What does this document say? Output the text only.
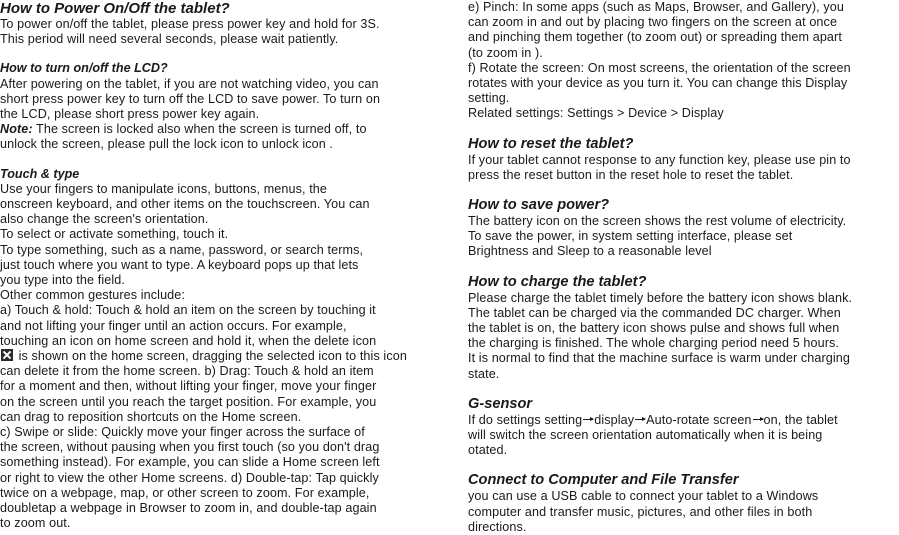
How to Power On/Off the tablet?
To power on/off the tablet, please press power key and hold for 3S.
This period will need several seconds, please wait patiently.
How to turn on/off the LCD?
After powering on the tablet, if you are not watching video, you can
short press power key to turn off the LCD to save power. To turn on
the LCD, please short press power key again.
Note: The screen is locked also when the screen is turned off, to
unlock the screen, please pull the lock icon to unlock icon .
Touch & type
Use your fingers to manipulate icons, buttons, menus, the
onscreen keyboard, and other items on the touchscreen. You can
also change the screen's orientation.
To select or activate something, touch it.
To type something, such as a name, password, or search terms,
just touch where you want to type. A keyboard pops up that lets
you type into the field.
Other common gestures include:
a) Touch & hold: Touch & hold an item on the screen by touching it
and not lifting your finger until an action occurs. For example,
touching an icon on home screen and hold it, when the delete icon
is shown on the home screen, dragging the selected icon to this icon
can delete it from the home screen. b) Drag: Touch & hold an item
for a moment and then, without lifting your finger, move your finger
on the screen until you reach the target position. For example, you
can drag to reposition shortcuts on the Home screen.
c) Swipe or slide: Quickly move your finger across the surface of
the screen, without pausing when you first touch (so you don't drag
something instead). For example, you can slide a Home screen left
or right to view the other Home screens. d) Double-tap: Tap quickly
twice on a webpage, map, or other screen to zoom. For example,
doubletap a webpage in Browser to zoom in, and double-tap again
to zoom out.
e) Pinch: In some apps (such as Maps, Browser, and Gallery), you
can zoom in and out by placing two fingers on the screen at once
and pinching them together (to zoom out) or spreading them apart
(to zoom in ).
f) Rotate the screen: On most screens, the orientation of the screen
rotates with your device as you turn it. You can change this Display
setting.
Related settings: Settings > Device > Display
How to reset the tablet?
If your tablet cannot response to any function key, please use pin to
press the reset button in the reset hole to reset the tablet.
How to save power?
The battery icon on the screen shows the rest volume of electricity.
To save the power, in system setting interface, please set
Brightness and Sleep to a reasonable level
How to charge the tablet?
Please charge the tablet timely before the battery icon shows blank.
The tablet can be charged via the commanded DC charger. When
the tablet is on, the battery icon shows pulse and shows full when
the charging is finished. The whole charging period need 5 hours.
It is normal to find that the machine surface is warm under charging
state.
G-sensor
If do settings setting display Auto-rotate screen on, the tablet
will switch the screen orientation automatically when it is being
otated.
Connect to Computer and File Transfer
you can use a USB cable to connect your tablet to a Windows
computer and transfer music, pictures, and other files in both
directions.
